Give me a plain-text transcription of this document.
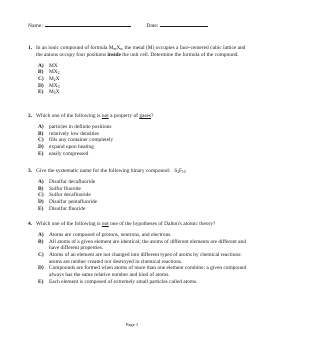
Name:	Date:
1. In an ionic compound of formula $M_mX_n$, the metal (M) occupies a face-centered cubic lattice and the anions occupy four positions inside the unit cell. Determine the formula of the compound.
A) MX
B)	$MX_2$
C) $M_2X$
D) $MX_3$
E)	$M_3X$
2. Which one of the following is not a property of gases?
A) particles in definite positions
B)	relatively low densities
C) fills any container completely
D) expand upon heating
E)	easily compressed
3. Give the systematic name for the following binary compound: $S_2F_{10}$
A) Disulfur decafluoride
B)	Sulfur fluoride
C) Sulfur decafluoride
D) Disulfur pentafluoride
E)	Disulfur fluoride
4. Which one of the following is not one of the hypotheses of Dalton's atomic theory?
A) Atoms are composed of protons, neutrons, and electrons.
B)	All atoms of a given element are identical; the atoms of different elements are different and have different properties.
C) Atoms of an element are not changed into different types of atoms by chemical reactions: atoms are neither created nor destroyed in chemical reactions.
D) Compounds are formed when atoms of more than one element combine; a given compound always has the same relative number and kind of atoms.
E)	Each element is composed of extremely small particles called atoms.
Page 1
